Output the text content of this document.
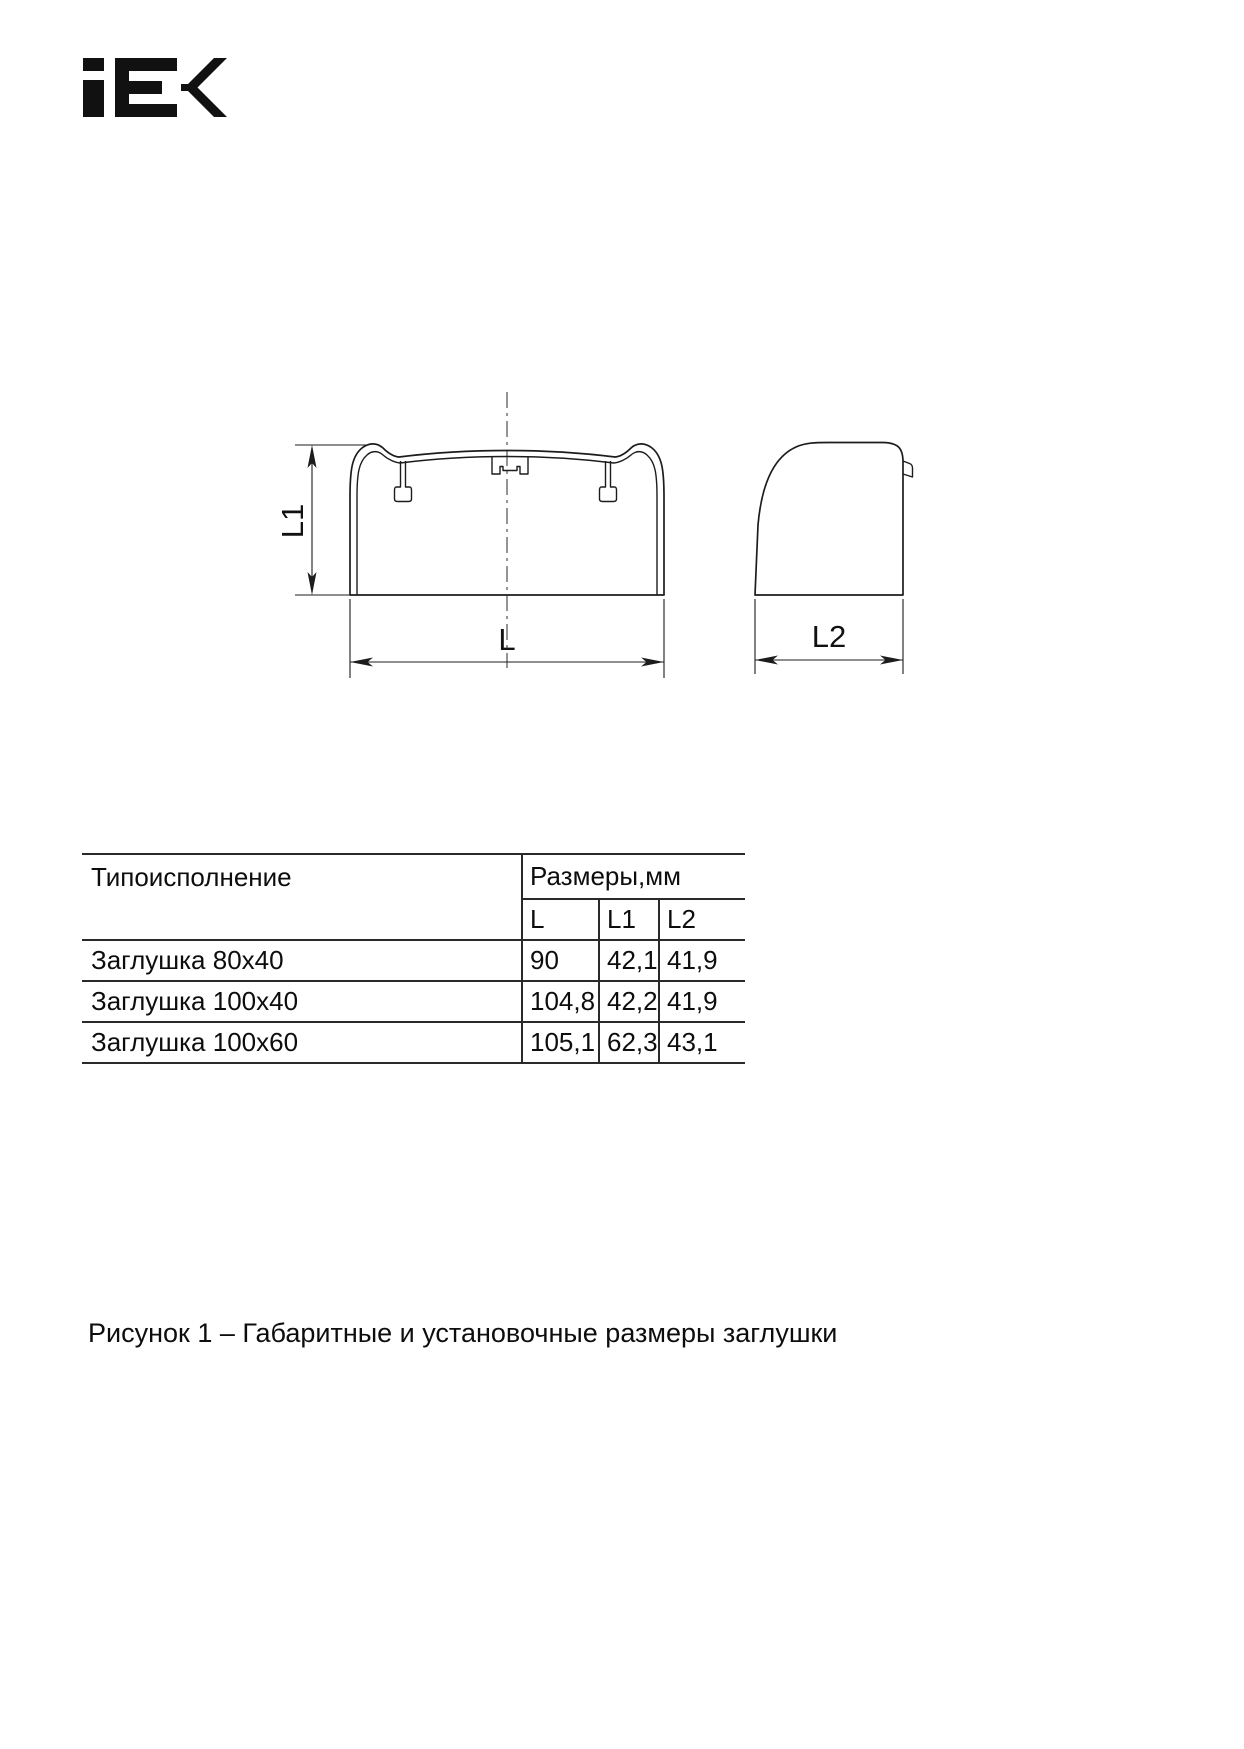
L1
L	L2
Типоисполнение	Размеры,мм		
	L	L1	L2
Заглушка 80x40	90	42,1	41,9
Заглушка 100x40	104,8	42,2	41,9
Заглушка 100x60	105,1	62,3	43,1
Рисунок 1 – Габаритные и установочные размеры заглушки
